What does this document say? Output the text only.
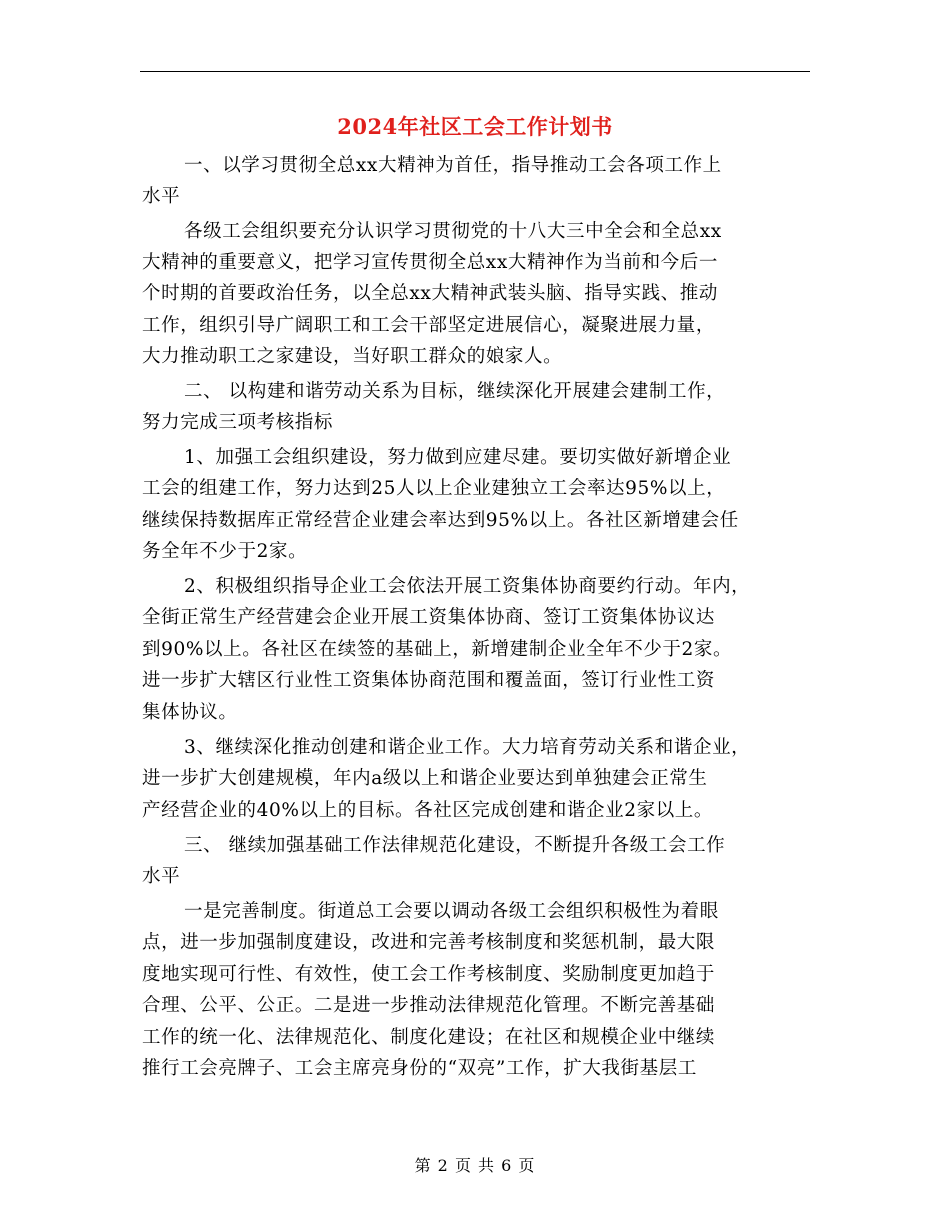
2024年社区工会工作计划书
一、以学习贯彻全总xx大精神为首任，指导推动工会各项工作上
水平
各级工会组织要充分认识学习贯彻党的十八大三中全会和全总xx
大精神的重要意义，把学习宣传贯彻全总xx大精神作为当前和今后一
个时期的首要政治任务，以全总xx大精神武装头脑、指导实践、推动
工作，组织引导广阔职工和工会干部坚定进展信心，凝聚进展力量，
大力推动职工之家建设，当好职工群众的娘家人。
二、 以构建和谐劳动关系为目标，继续深化开展建会建制工作，
努力完成三项考核指标
1、加强工会组织建设，努力做到应建尽建。要切实做好新增企业
工会的组建工作，努力达到25人以上企业建独立工会率达95%以上，
继续保持数据库正常经营企业建会率达到95%以上。各社区新增建会任
务全年不少于2家。
2、积极组织指导企业工会依法开展工资集体协商要约行动。年内，
全街正常生产经营建会企业开展工资集体协商、签订工资集体协议达
到90%以上。各社区在续签的基础上，新增建制企业全年不少于2家。
进一步扩大辖区行业性工资集体协商范围和覆盖面，签订行业性工资
集体协议。
3、继续深化推动创建和谐企业工作。大力培育劳动关系和谐企业，
进一步扩大创建规模，年内a级以上和谐企业要达到单独建会正常生
产经营企业的40%以上的目标。各社区完成创建和谐企业2家以上。
三、 继续加强基础工作法律规范化建设，不断提升各级工会工作
水平
一是完善制度。街道总工会要以调动各级工会组织积极性为着眼
点，进一步加强制度建设，改进和完善考核制度和奖惩机制，最大限
度地实现可行性、有效性，使工会工作考核制度、奖励制度更加趋于
合理、公平、公正。二是进一步推动法律规范化管理。不断完善基础
工作的统一化、法律规范化、制度化建设；在社区和规模企业中继续
推行工会亮牌子、工会主席亮身份的“双亮”工作，扩大我街基层工
第 2 页 共 6 页
